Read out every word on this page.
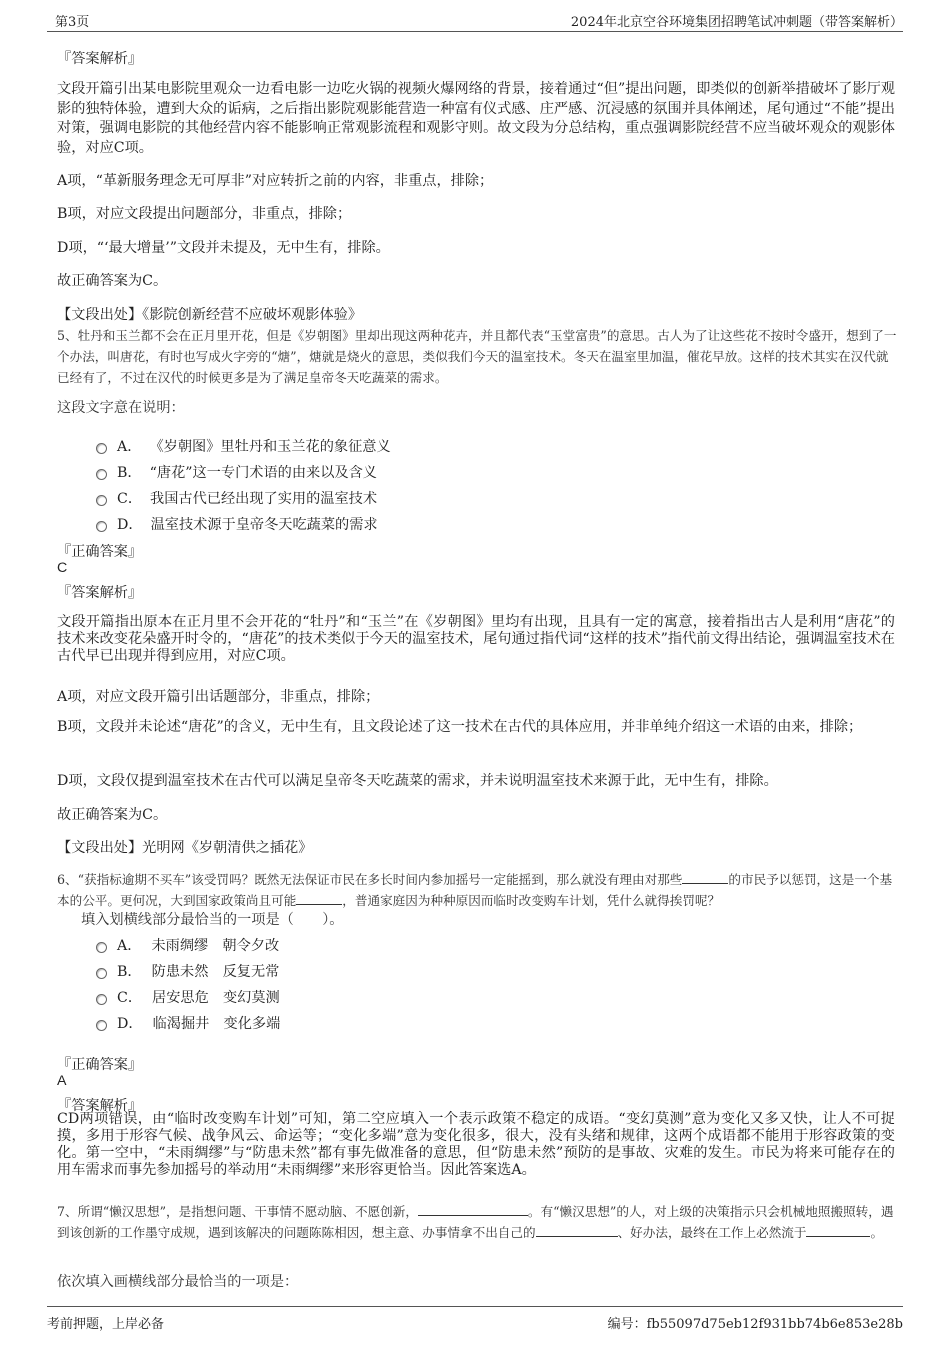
第3页	2024年北京空谷环境集团招聘笔试冲刺题（带答案解析）
『答案解析』
文段开篇引出某电影院里观众一边看电影一边吃火锅的视频火爆网络的背景，接着通过“但”提出问题，即类似的创新举措破坏了影厅观影的独特体验，遭到大众的诟病，之后指出影院观影能营造一种富有仪式感、庄严感、沉浸感的氛围并具体阐述，尾句通过“不能”提出对策，强调电影院的其他经营内容不能影响正常观影流程和观影守则。故文段为分总结构，重点强调影院经营不应当破坏观众的观影体验，对应C项。
A项，“革新服务理念无可厚非”对应转折之前的内容，非重点，排除；
B项，对应文段提出问题部分，非重点，排除；
D项，“‘最大增量’”文段并未提及，无中生有，排除。
故正确答案为C。
【文段出处】《影院创新经营不应破坏观影体验》
5、牡丹和玉兰都不会在正月里开花，但是《岁朝图》里却出现这两种花卉，并且都代表“玉堂富贵”的意思。古人为了让这些花不按时令盛开，想到了一个办法，叫唐花，有时也写成火字旁的“煻”，煻就是烧火的意思，类似我们今天的温室技术。冬天在温室里加温，催花早放。这样的技术其实在汉代就已经有了，不过在汉代的时候更多是为了满足皇帝冬天吃蔬菜的需求。
这段文字意在说明：
A． 《岁朝图》里牡丹和玉兰花的象征意义
B． “唐花”这一专门术语的由来以及含义
C． 我国古代已经出现了实用的温室技术
D． 温室技术源于皇帝冬天吃蔬菜的需求
『正确答案』
C
『答案解析』
文段开篇指出原本在正月里不会开花的“牡丹”和“玉兰”在《岁朝图》里均有出现，且具有一定的寓意，接着指出古人是利用“唐花”的技术来改变花朵盛开时令的，“唐花”的技术类似于今天的温室技术，尾句通过指代词“这样的技术”指代前文得出结论，强调温室技术在古代早已出现并得到应用，对应C项。
A项，对应文段开篇引出话题部分，非重点，排除；
B项，文段并未论述“唐花”的含义，无中生有，且文段论述了这一技术在古代的具体应用，并非单纯介绍这一术语的由来，排除；
D项，文段仅提到温室技术在古代可以满足皇帝冬天吃蔬菜的需求，并未说明温室技术来源于此，无中生有，排除。
故正确答案为C。
【文段出处】光明网《岁朝清供之插花》
6、“获指标逾期不买车”该受罚吗？既然无法保证市民在多长时间内参加摇号一定能摇到，那么就没有理由对那些	的市民予以惩罚，这是一个基本的公平。更何况，大到国家政策尚且可能	，普通家庭因为种种原因而临时改变购车计划，凭什么就得挨罚呢？
填入划横线部分最恰当的一项是（　　）。
A． 未雨绸缪　朝令夕改
B． 防患未然　反复无常
C． 居安思危　变幻莫测
D． 临渴掘井　变化多端
『正确答案』
A
『答案解析』
CD两项错误，由“临时改变购车计划”可知，第二空应填入一个表示政策不稳定的成语。“变幻莫测”意为变化又多又快，让人不可捉摸，多用于形容气候、战争风云、命运等；“变化多端”意为变化很多，很大，没有头绪和规律，这两个成语都不能用于形容政策的变化。第一空中，“未雨绸缪”与“防患未然”都有事先做准备的意思，但“防患未然”预防的是事故、灾难的发生。市民为将来可能存在的用车需求而事先参加摇号的举动用“未雨绸缪”来形容更恰当。因此答案选A。
7、所谓“懒汉思想”，是指想问题、干事情不愿动脑、不愿创新，	。有“懒汉思想”的人，对上级的决策指示只会机械地照搬照转，遇到该创新的工作墨守成规，遇到该解决的问题陈陈相因，想主意、办事情拿不出自己的	、好办法，最终在工作上必然流于	。
依次填入画横线部分最恰当的一项是：
考前押题，上岸必备	编号：fb55097d75eb12f931bb74b6e853e28b
